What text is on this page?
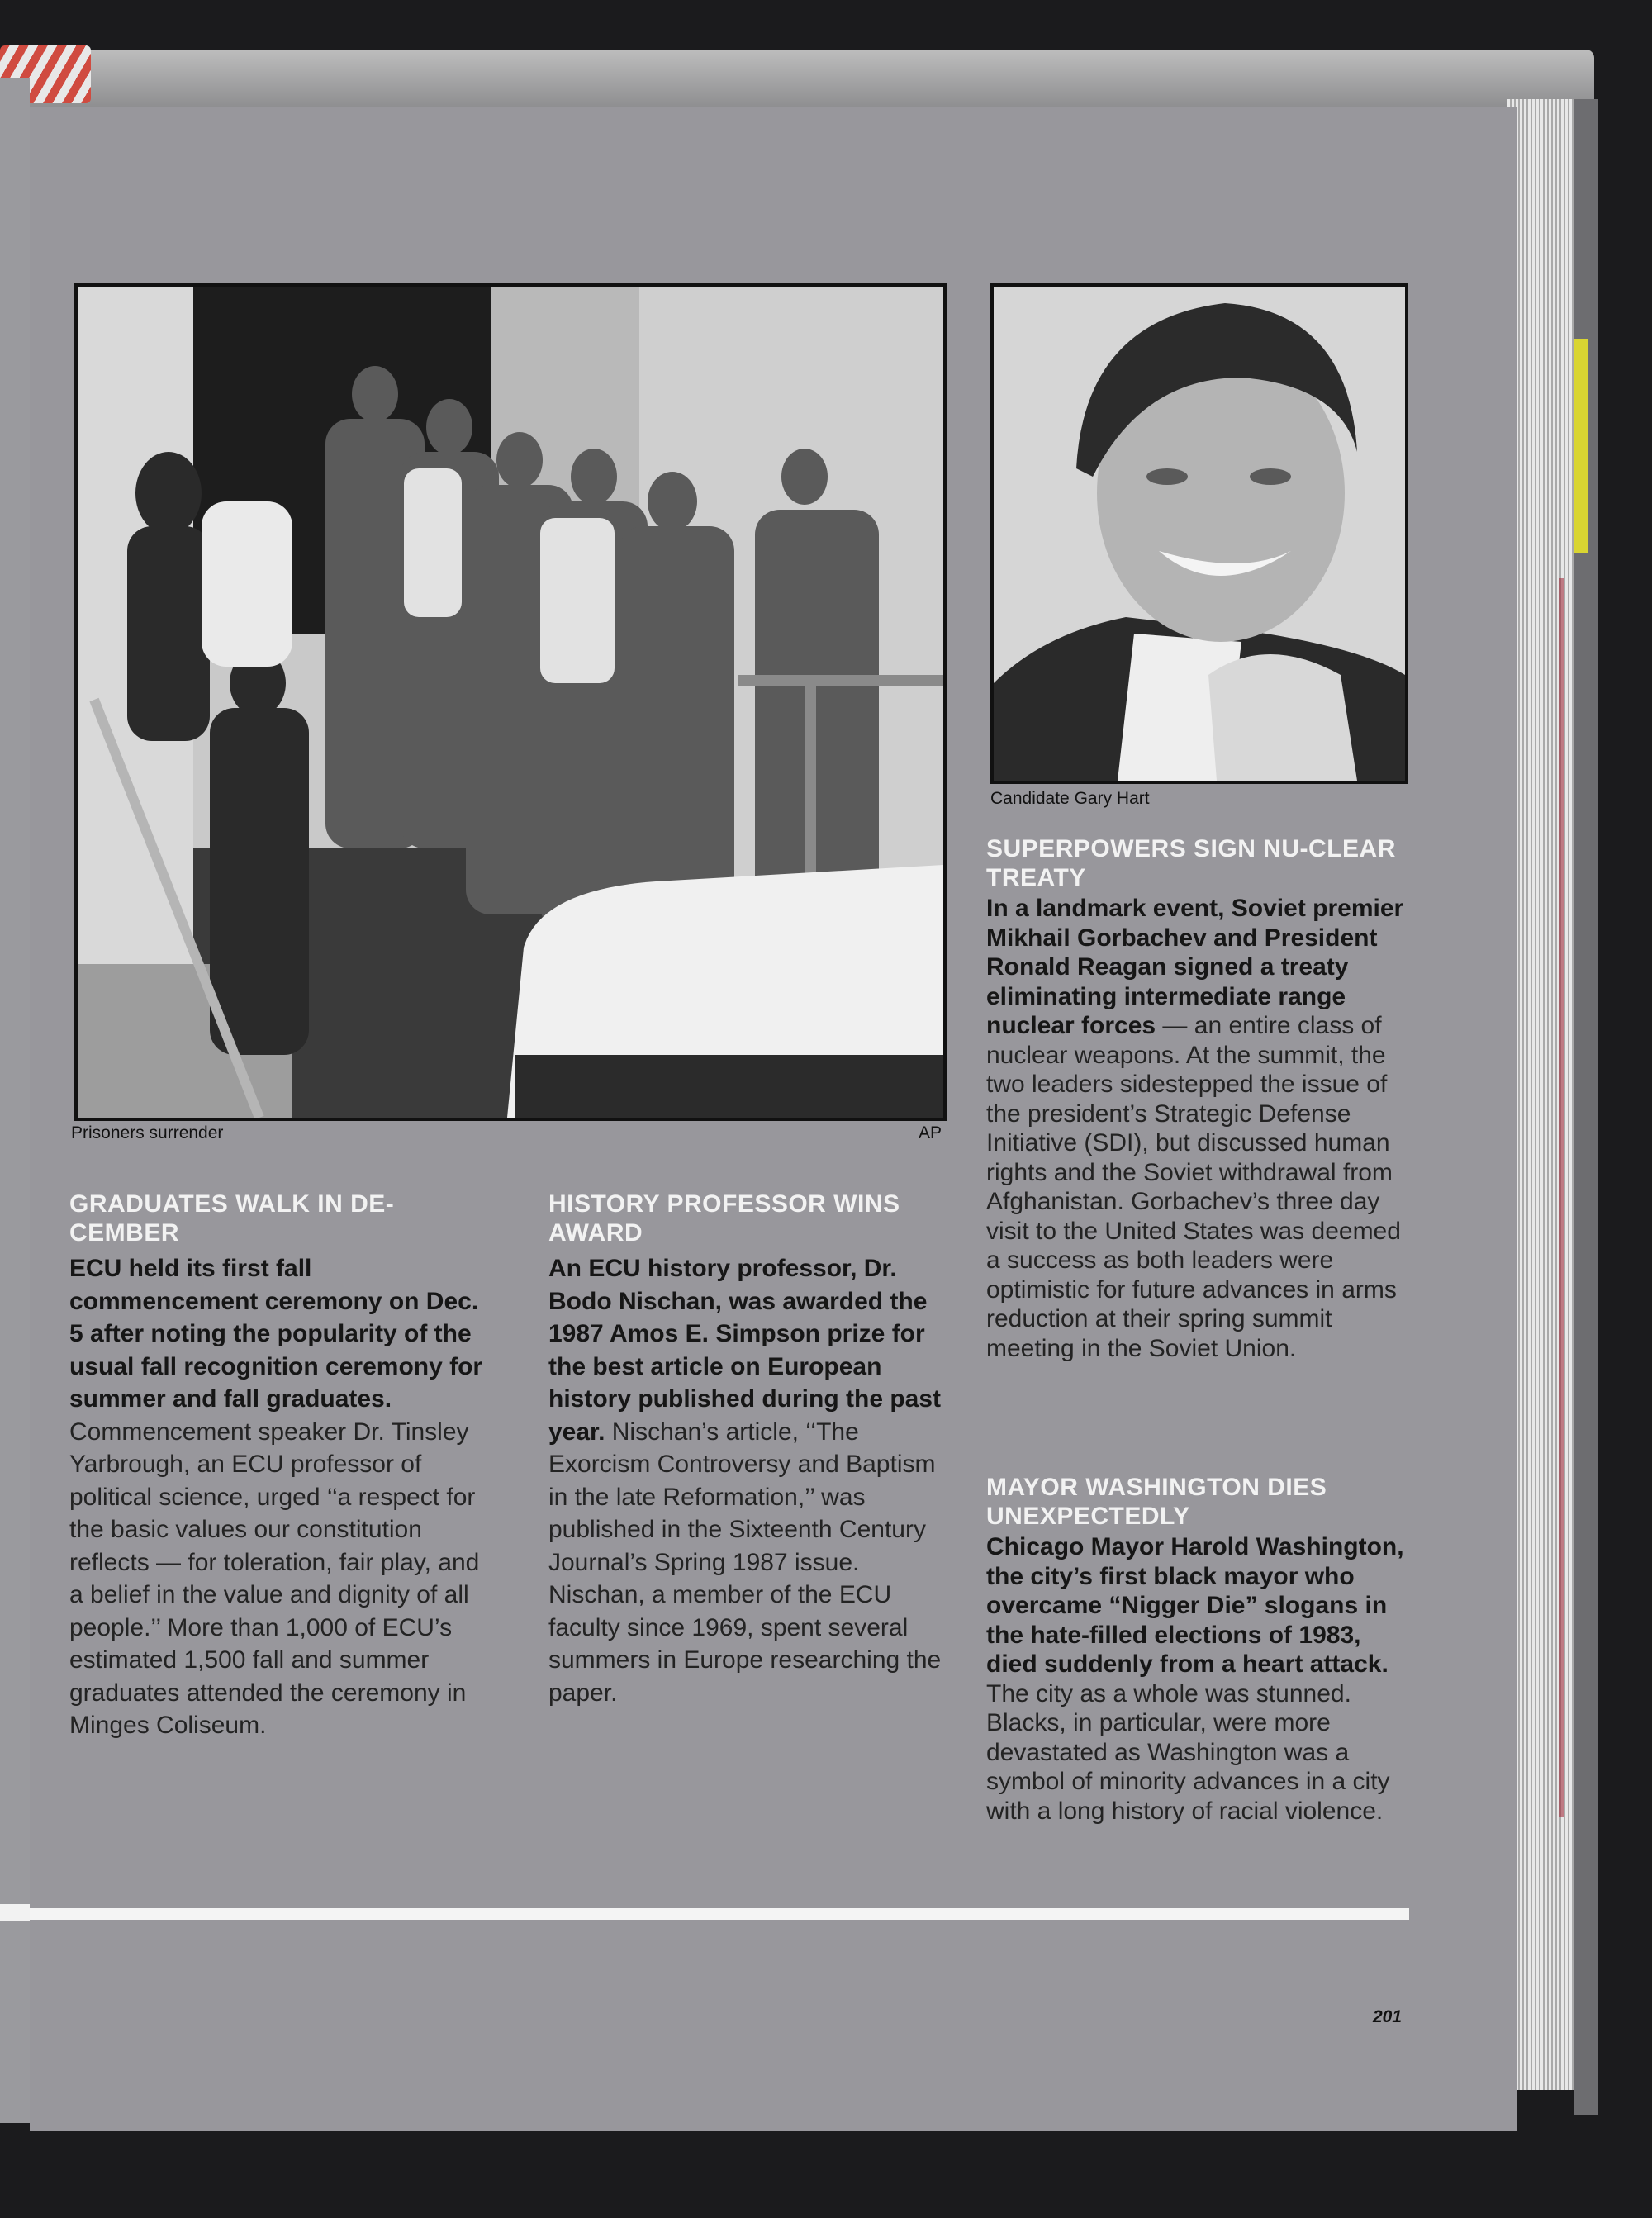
Prisoners surrender	AP
Candidate Gary Hart
GRADUATES WALK IN DE-CEMBER

ECU held its first fall commencement ceremony on Dec. 5 after noting the popularity of the usual fall recognition ceremony for summer and fall graduates. Commencement speaker Dr. Tinsley Yarbrough, an ECU professor of political science, urged ‘‘a respect for the basic values our constitution reflects — for toleration, fair play, and a belief in the value and dignity of all people.’’ More than 1,000 of ECU’s estimated 1,500 fall and summer graduates attended the ceremony in Minges Coliseum.

HISTORY PROFESSOR WINS AWARD

An ECU history professor, Dr. Bodo Nischan, was awarded the 1987 Amos E. Simpson prize for the best article on European history published during the past year. Nischan’s article, ‘‘The Exorcism Controversy and Baptism in the late Reformation,’’ was published in the Sixteenth Century Journal’s Spring 1987 issue. Nischan, a member of the ECU faculty since 1969, spent several summers in Europe researching the paper.

SUPERPOWERS SIGN NU-CLEAR TREATY

In a landmark event, Soviet premier Mikhail Gorbachev and President Ronald Reagan signed a treaty eliminating intermediate range nuclear forces — an entire class of nuclear weapons. At the summit, the two leaders sidestepped the issue of the president’s Strategic Defense Initiative (SDI), but discussed human rights and the Soviet withdrawal from Afghanistan. Gorbachev’s three day visit to the United States was deemed a success as both leaders were optimistic for future advances in arms reduction at their spring summit meeting in the Soviet Union.

MAYOR WASHINGTON DIES UNEXPECTEDLY

Chicago Mayor Harold Washington, the city’s first black mayor who overcame “Nigger Die” slogans in the hate-filled elections of 1983, died suddenly from a heart attack. The city as a whole was stunned. Blacks, in particular, were more devastated as Washington was a symbol of minority advances in a city with a long history of racial violence.

201
